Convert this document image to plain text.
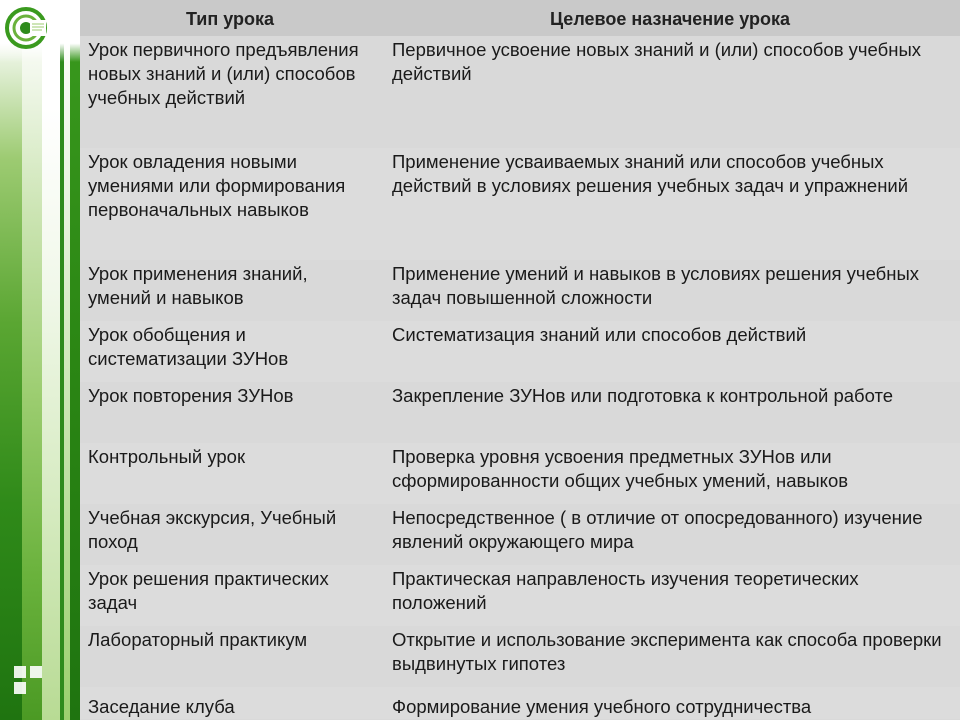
Тип урока	Целевое назначение урока
Урок первичного предъявления новых знаний и (или) способов учебных действий	Первичное усвоение новых знаний и (или) способов учебных действий
Урок овладения новыми умениями или формирования первоначальных навыков	Применение усваиваемых знаний или способов учебных действий в условиях решения учебных задач и упражнений
Урок применения знаний, умений и навыков	Применение умений и навыков в условиях решения учебных задач повышенной сложности
Урок обобщения и систематизации ЗУНов	Систематизация знаний или способов действий
Урок повторения ЗУНов	Закрепление ЗУНов или подготовка к контрольной работе
Контрольный урок	Проверка уровня усвоения предметных ЗУНов или сформированности общих учебных умений, навыков
Учебная экскурсия, Учебный поход	Непосредственное ( в отличие от опосредованного) изучение явлений окружающего мира
Урок решения практических задач	Практическая направленость изучения теоретических положений
Лабораторный практикум	Открытие и использование эксперимента как способа проверки выдвинутых гипотез
Заседание клуба	Формирование умения учебного сотрудничества
